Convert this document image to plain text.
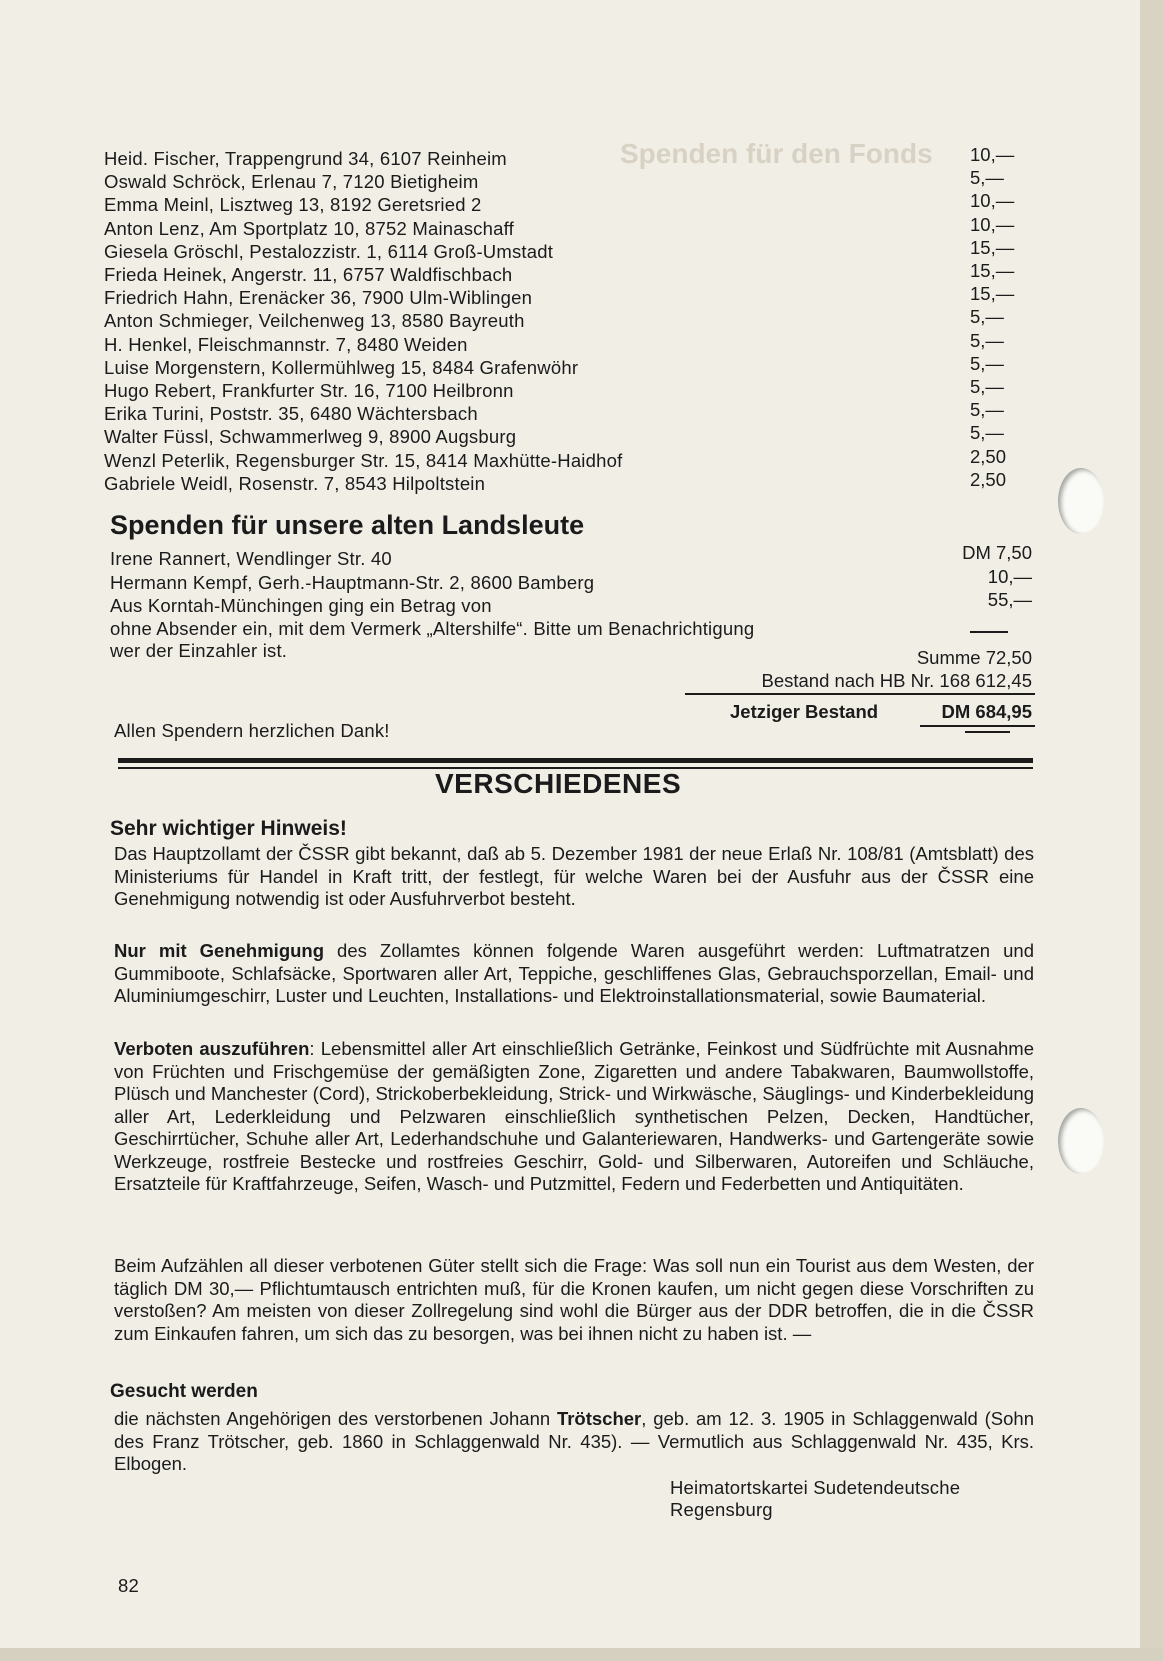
Spenden für den Fonds
Heid. Fischer, Trappengrund 34, 6107 Reinheim	10,—
Oswald Schröck, Erlenau 7, 7120 Bietigheim	5,—
Emma Meinl, Lisztweg 13, 8192 Geretsried 2	10,—
Anton Lenz, Am Sportplatz 10, 8752 Mainaschaff	10,—
Giesela Gröschl, Pestalozzistr. 1, 6114 Groß-Umstadt	15,—
Frieda Heinek, Angerstr. 11, 6757 Waldfischbach	15,—
Friedrich Hahn, Erenäcker 36, 7900 Ulm-Wiblingen	15,—
Anton Schmieger, Veilchenweg 13, 8580 Bayreuth	5,—
H. Henkel, Fleischmannstr. 7, 8480 Weiden	5,—
Luise Morgenstern, Kollermühlweg 15, 8484 Grafenwöhr	5,—
Hugo Rebert, Frankfurter Str. 16, 7100 Heilbronn	5,—
Erika Turini, Poststr. 35, 6480 Wächtersbach	5,—
Walter Füssl, Schwammerlweg 9, 8900 Augsburg	5,—
Wenzl Peterlik, Regensburger Str. 15, 8414 Maxhütte-Haidhof	2,50
Gabriele Weidl, Rosenstr. 7, 8543 Hilpoltstein	2,50
Spenden für unsere alten Landsleute
Irene Rannert, Wendlinger Str. 40	DM 7,50
Hermann Kempf, Gerh.-Hauptmann-Str. 2, 8600 Bamberg	10,—
Aus Korntah-Münchingen ging ein Betrag von	55,—
ohne Absender ein, mit dem Vermerk „Altershilfe“. Bitte um Benachrichtigung
wer der Einzahler ist.	Summe 72,50
Bestand nach HB Nr. 168 612,45
Jetziger Bestand	DM 684,95
Allen Spendern herzlichen Dank!
VERSCHIEDENES
Sehr wichtiger Hinweis!
Das Hauptzollamt der ČSSR gibt bekannt, daß ab 5. Dezember 1981 der neue Erlaß Nr. 108/81 (Amtsblatt) des Ministeriums für Handel in Kraft tritt, der festlegt, für welche Waren bei der Ausfuhr aus der ČSSR eine Genehmigung notwendig ist oder Ausfuhrverbot besteht.
Nur mit Genehmigung des Zollamtes können folgende Waren ausgeführt werden: Luftmatratzen und Gummiboote, Schlafsäcke, Sportwaren aller Art, Teppiche, geschliffenes Glas, Gebrauchsporzellan, Email- und Aluminiumgeschirr, Luster und Leuchten, Installations- und Elektroinstallationsmaterial, sowie Baumaterial.
Verboten auszuführen: Lebensmittel aller Art einschließlich Getränke, Feinkost und Südfrüchte mit Ausnahme von Früchten und Frischgemüse der gemäßigten Zone, Zigaretten und andere Tabakwaren, Baumwollstoffe, Plüsch und Manchester (Cord), Strickoberbekleidung, Strick- und Wirkwäsche, Säuglings- und Kinderbekleidung aller Art, Lederkleidung und Pelzwaren einschließlich synthetischen Pelzen, Decken, Handtücher, Geschirrtücher, Schuhe aller Art, Lederhandschuhe und Galanteriewaren, Handwerks- und Gartengeräte sowie Werkzeuge, rostfreie Bestecke und rostfreies Geschirr, Gold- und Silberwaren, Autoreifen und Schläuche, Ersatzteile für Kraftfahrzeuge, Seifen, Wasch- und Putzmittel, Federn und Federbetten und Antiquitäten.
Beim Aufzählen all dieser verbotenen Güter stellt sich die Frage: Was soll nun ein Tourist aus dem Westen, der täglich DM 30,— Pflichtumtausch entrichten muß, für die Kronen kaufen, um nicht gegen diese Vorschriften zu verstoßen? Am meisten von dieser Zollregelung sind wohl die Bürger aus der DDR betroffen, die in die ČSSR zum Einkaufen fahren, um sich das zu besorgen, was bei ihnen nicht zu haben ist. —
Gesucht werden
die nächsten Angehörigen des verstorbenen Johann Trötscher, geb. am 12. 3. 1905 in Schlaggenwald (Sohn des Franz Trötscher, geb. 1860 in Schlaggenwald Nr. 435). — Vermutlich aus Schlaggenwald Nr. 435, Krs. Elbogen.
Heimatortskartei Sudetendeutsche
Regensburg
82
